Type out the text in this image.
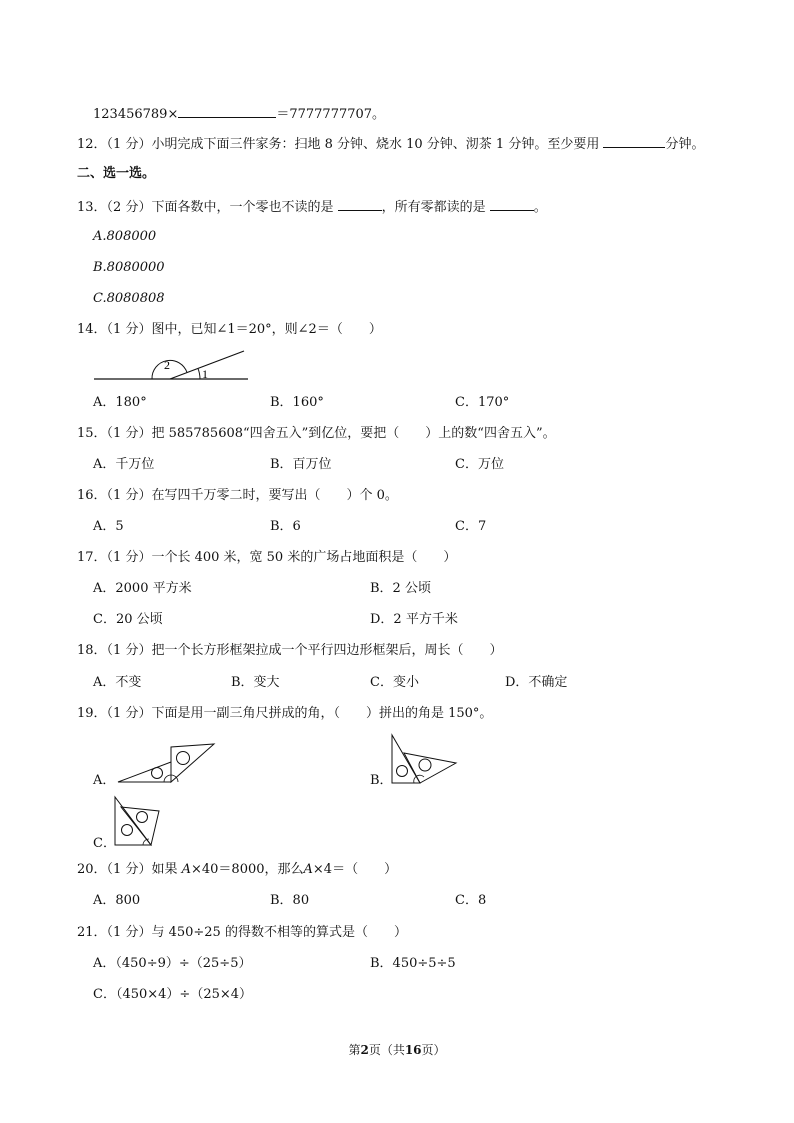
123456789×	＝7777777707。
12．（1 分）小明完成下面三件家务：扫地 8 分钟、烧水 10 分钟、沏茶 1 分钟。至少要用	分钟。
二、选一选。
13．（2 分）下面各数中，一个零也不读的是	，所有零都读的是	。
A.808000
B.8080000
C.8080808
14．（1 分）图中，已知∠1＝20°，则∠2＝（　　）
2
1
A．180°	B．160°	C．170°
15．（1 分）把 585785608“四舍五入”到亿位，要把（　　）上的数“四舍五入”。
A．千万位	B．百万位	C．万位
16．（1 分）在写四千万零二时，要写出（　　）个 0。
A．5	B．6	C．7
17．（1 分）一个长 400 米，宽 50 米的广场占地面积是（　　）
A．2000 平方米	B．2 公顷
C．20 公顷	D．2 平方千米
18．（1 分）把一个长方形框架拉成一个平行四边形框架后，周长（　　）
A．不变	B．变大	C．变小	D．不确定
19．（1 分）下面是用一副三角尺拼成的角，（　　）拼出的角是 150°。
A．	B．
C．
20．（1 分）如果 A×40＝8000，那么A×4＝（　　）
A．800	B．80	C．8
21．（1 分）与 450÷25 的得数不相等的算式是（　　）
A．（450÷9）÷（25÷5）	B．450÷5÷5
C．（450×4）÷（25×4）
第2页（共16页）
